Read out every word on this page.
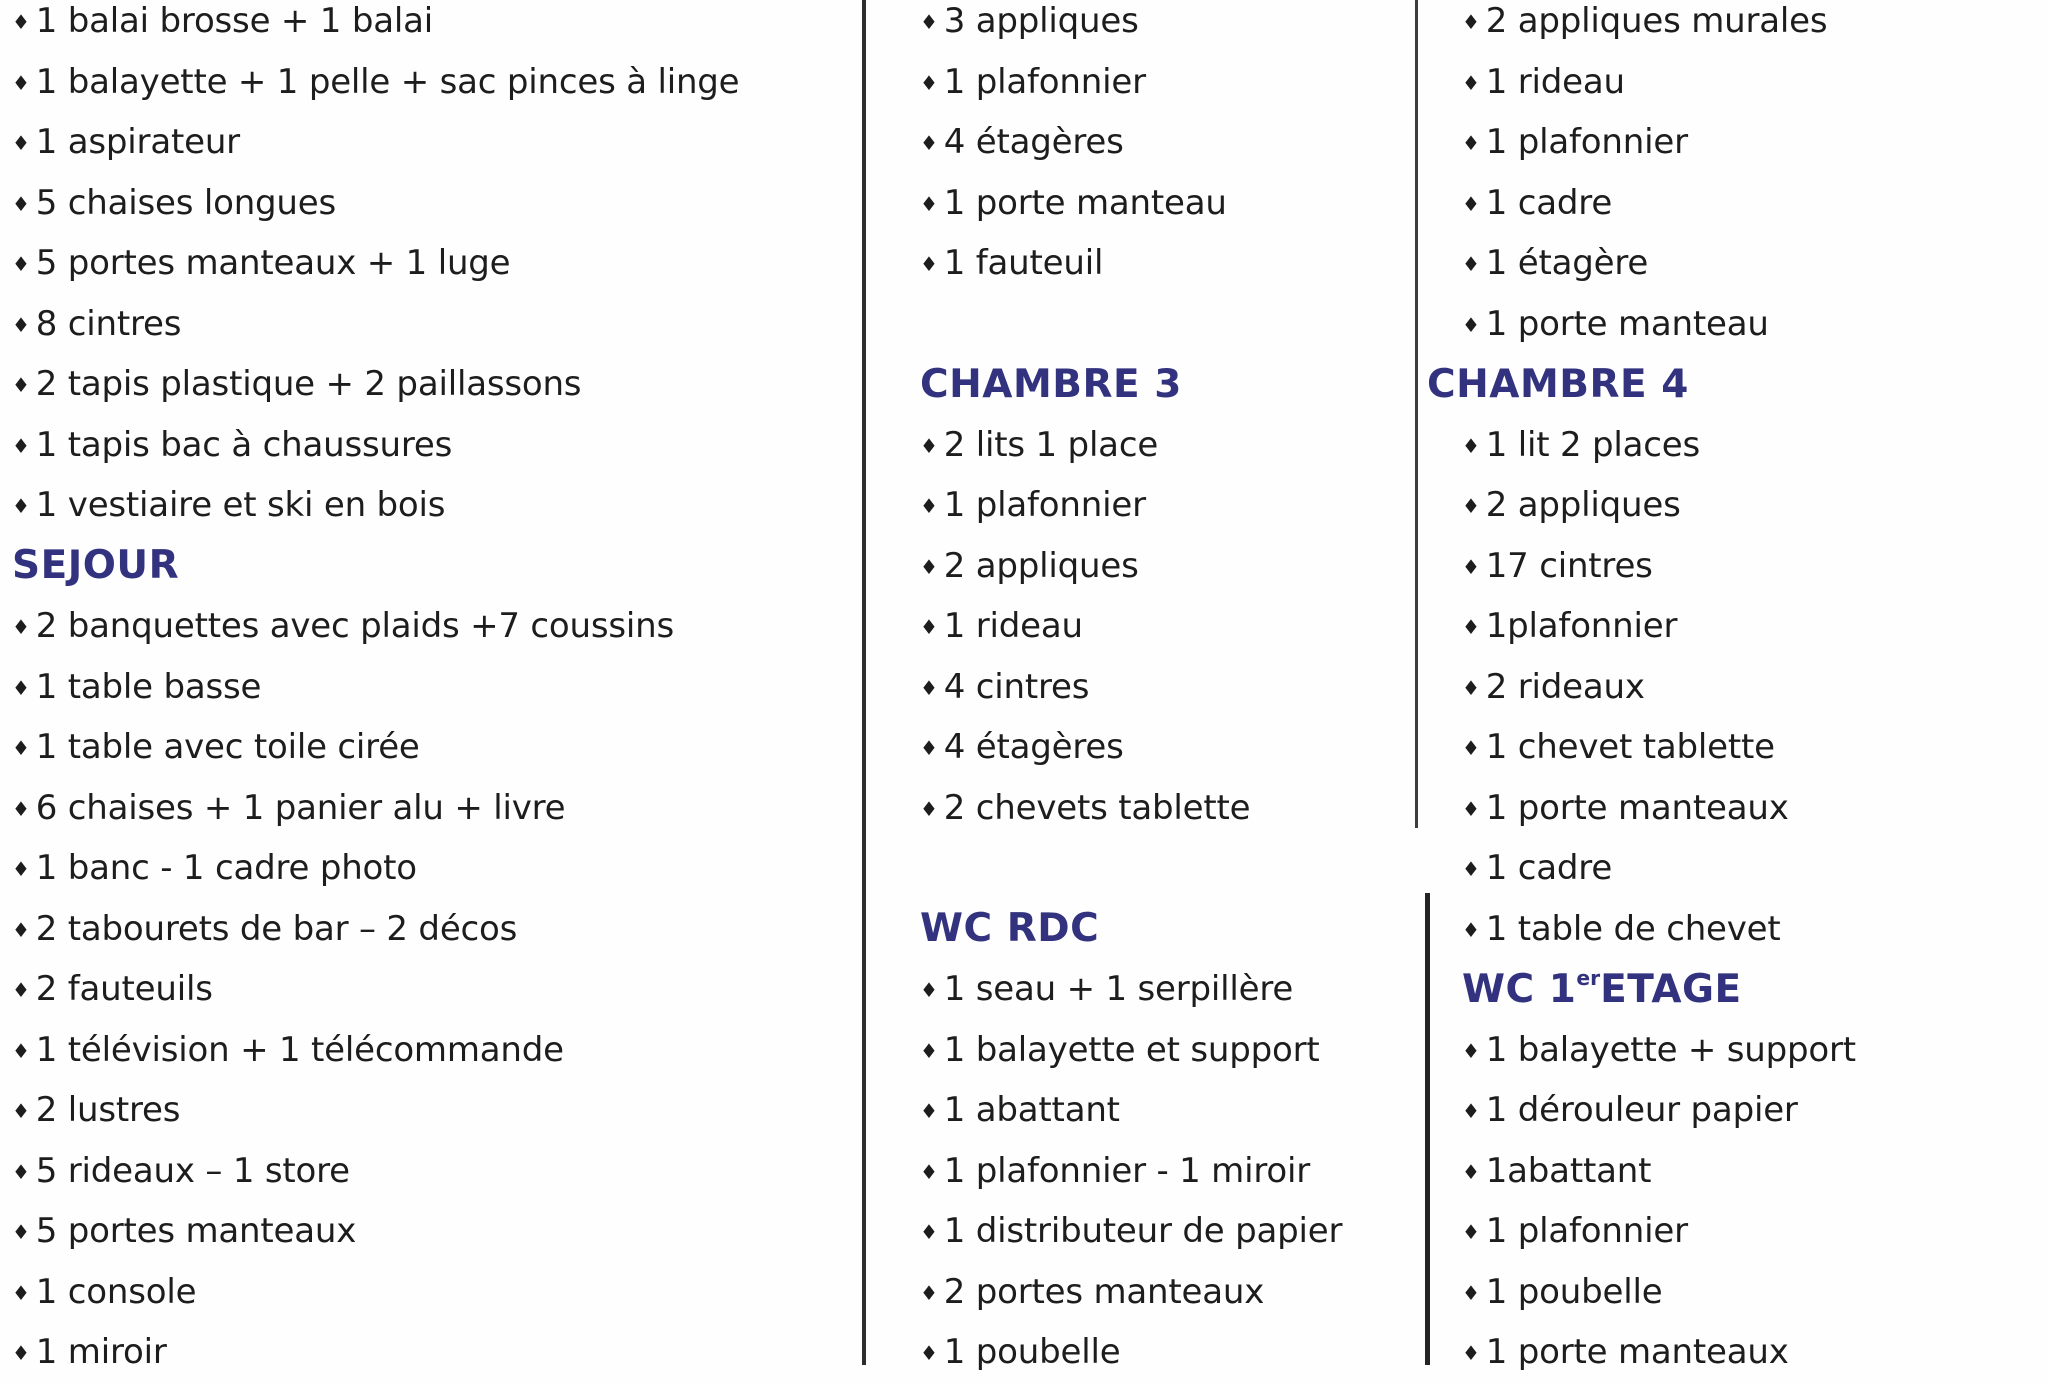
♦ 1 balai brosse + 1 balai
♦ 1 balayette + 1 pelle + sac pinces à linge
♦ 1 aspirateur
♦ 5 chaises longues
♦ 5 portes manteaux + 1 luge
♦ 8 cintres
♦ 2 tapis plastique + 2 paillassons
♦ 1 tapis bac à chaussures
♦ 1 vestiaire et ski en bois
SEJOUR
♦ 2 banquettes avec plaids +7 coussins
♦ 1 table basse
♦ 1 table avec toile cirée
♦ 6 chaises + 1 panier alu + livre
♦ 1 banc - 1 cadre photo
♦ 2 tabourets de bar – 2 décos
♦ 2 fauteuils
♦ 1 télévision + 1 télécommande
♦ 2 lustres
♦ 5 rideaux – 1 store
♦ 5 portes manteaux
♦ 1 console
♦ 1 miroir
♦ 3 appliques
♦ 1 plafonnier
♦ 4 étagères
♦ 1 porte manteau
♦ 1 fauteuil
CHAMBRE 3
♦ 2 lits 1 place
♦ 1 plafonnier
♦ 2 appliques
♦ 1 rideau
♦ 4 cintres
♦ 4 étagères
♦ 2 chevets tablette
WC RDC
♦ 1 seau + 1 serpillère
♦ 1 balayette et support
♦ 1 abattant
♦ 1 plafonnier - 1 miroir
♦ 1 distributeur de papier
♦ 2 portes manteaux
♦ 1 poubelle
♦ 2 appliques murales
♦ 1 rideau
♦ 1 plafonnier
♦ 1 cadre
♦ 1 étagère
♦ 1 porte manteau
CHAMBRE 4
♦ 1 lit 2 places
♦ 2 appliques
♦ 17 cintres
♦ 1plafonnier
♦ 2 rideaux
♦ 1 chevet tablette
♦ 1 porte manteaux
♦ 1 cadre
♦ 1 table de chevet
WC 1 er ETAGE
♦ 1 balayette + support
♦ 1 dérouleur papier
♦ 1abattant
♦ 1 plafonnier
♦ 1 poubelle
♦ 1 porte manteaux
